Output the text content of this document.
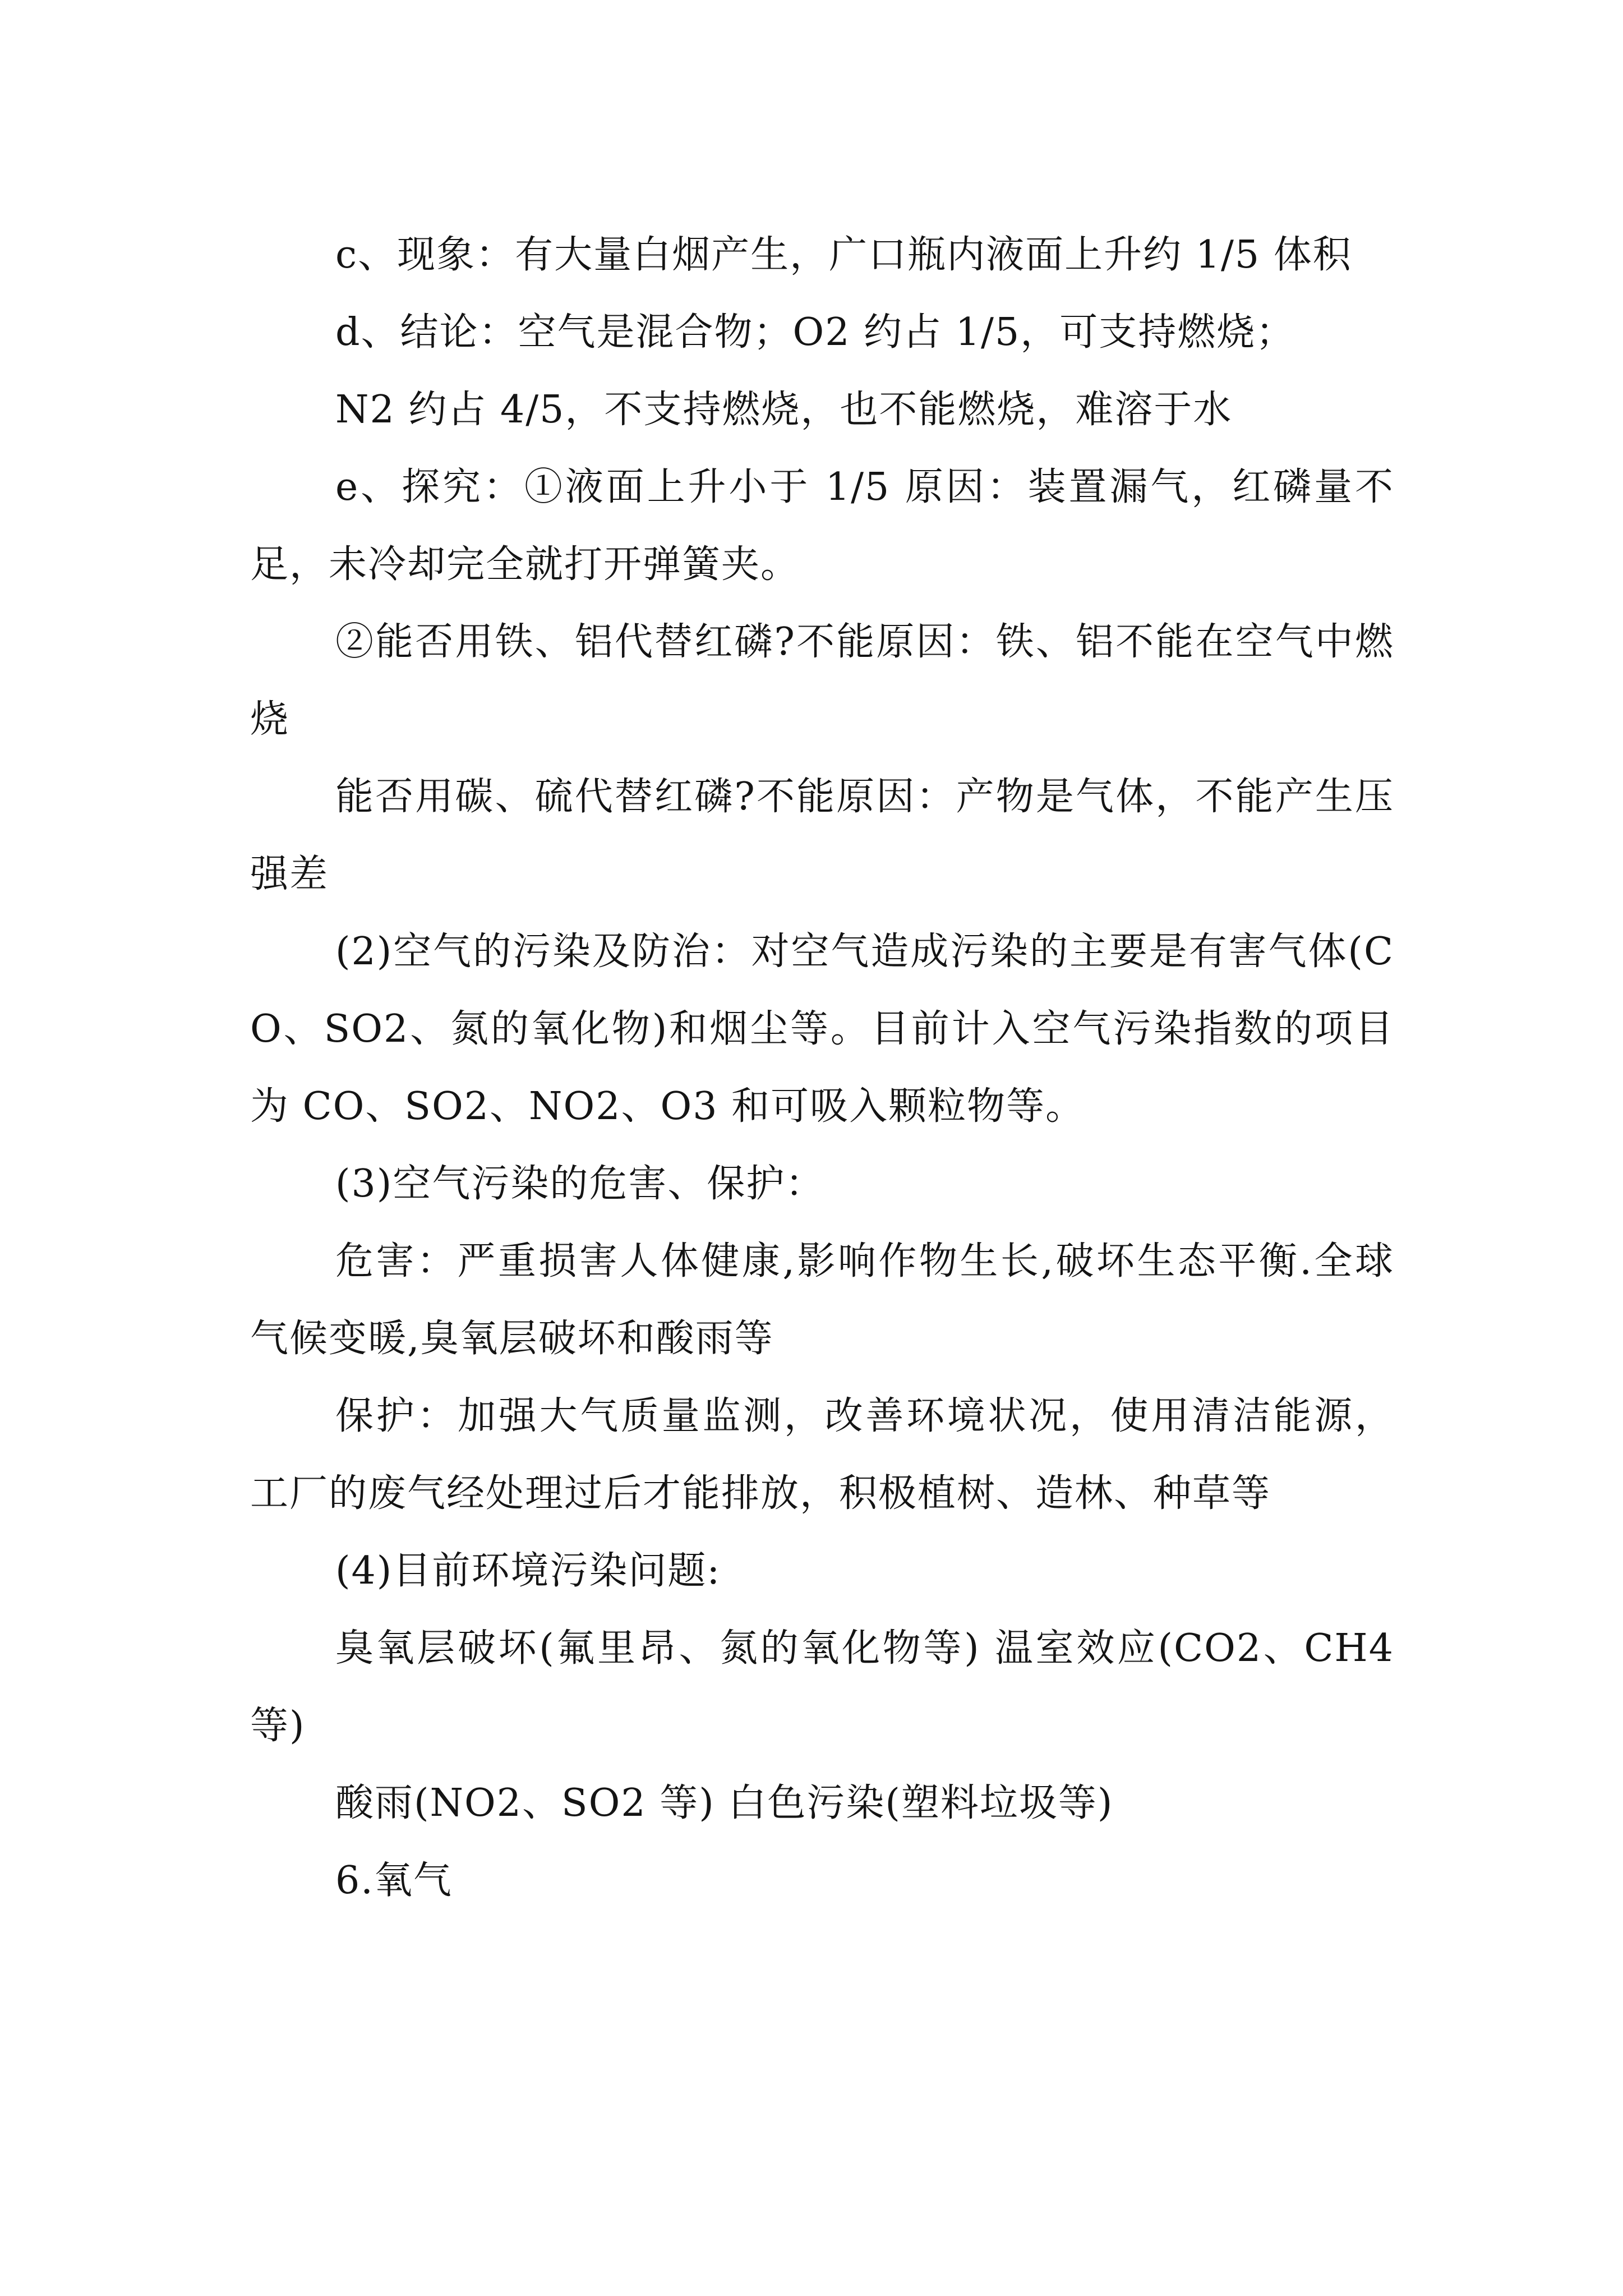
c、现象：有大量白烟产生，广口瓶内液面上升约 1/5 体积

d、结论：空气是混合物；O2 约占 1/5，可支持燃烧；

N2 约占 4/5，不支持燃烧，也不能燃烧，难溶于水

e、探究：①液面上升小于 1/5 原因：装置漏气，红磷量不足，未冷却完全就打开弹簧夹。

②能否用铁、铝代替红磷?不能原因：铁、铝不能在空气中燃烧

能否用碳、硫代替红磷?不能原因：产物是气体，不能产生压强差

(2)空气的污染及防治：对空气造成污染的主要是有害气体(CO、SO2、氮的氧化物)和烟尘等。目前计入空气污染指数的项目为 CO、SO2、NO2、O3 和可吸入颗粒物等。

(3)空气污染的危害、保护：

危害：严重损害人体健康,影响作物生长,破坏生态平衡.全球气候变暖,臭氧层破坏和酸雨等

保护：加强大气质量监测，改善环境状况，使用清洁能源，工厂的废气经处理过后才能排放，积极植树、造林、种草等

(4)目前环境污染问题:

臭氧层破坏(氟里昂、氮的氧化物等) 温室效应(CO2、CH4 等)

酸雨(NO2、SO2 等) 白色污染(塑料垃圾等)

6.氧气
